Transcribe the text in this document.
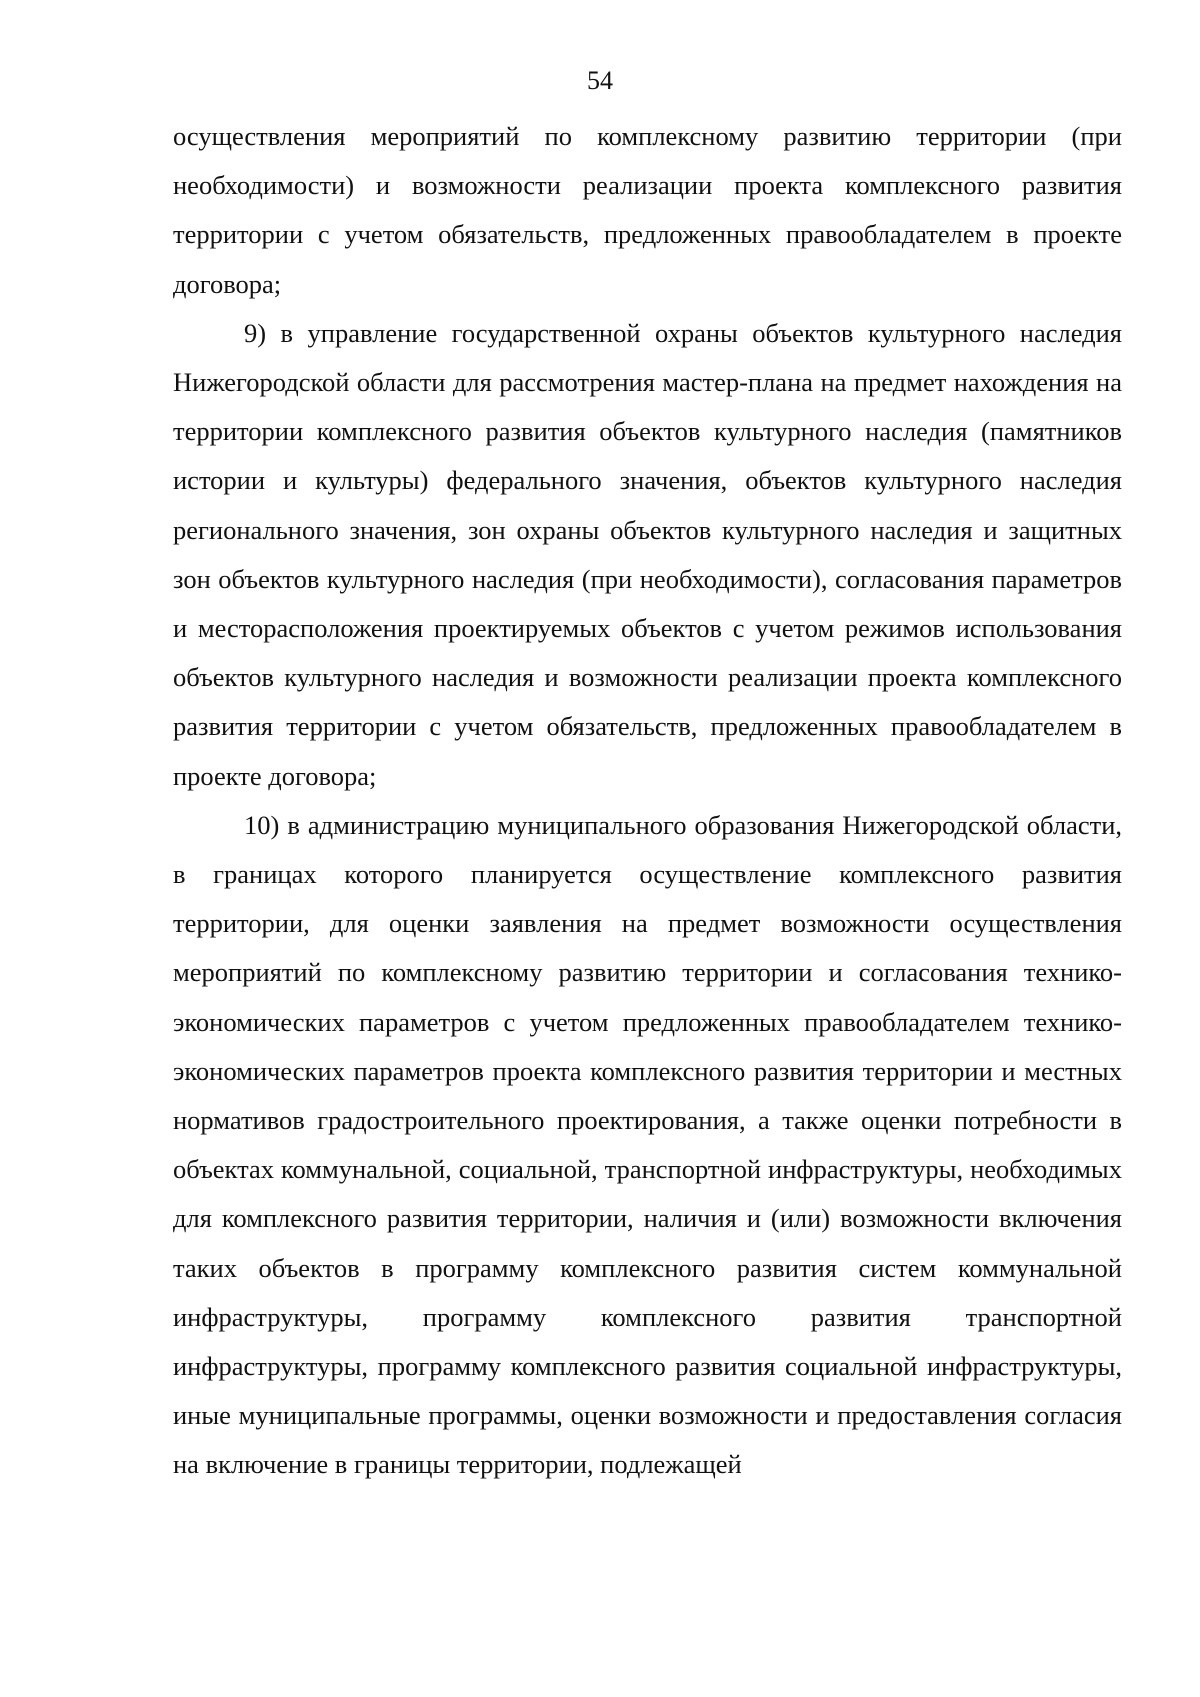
54

осуществления мероприятий по комплексному развитию территории (при необходимости) и возможности реализации проекта комплексного развития территории с учетом обязательств, предложенных правообладателем в проекте договора;

9) в управление государственной охраны объектов культурного наследия Нижегородской области для рассмотрения мастер-плана на предмет нахождения на территории комплексного развития объектов культурного наследия (памятников истории и культуры) федерального значения, объектов культурного наследия регионального значения, зон охраны объектов культурного наследия и защитных зон объектов культурного наследия (при необходимости), согласования параметров и месторасположения проектируемых объектов с учетом режимов использования объектов культурного наследия и возможности реализации проекта комплексного развития территории с учетом обязательств, предложенных правообладателем в проекте договора;

10) в администрацию муниципального образования Нижегородской области, в границах которого планируется осуществление комплексного развития территории, для оценки заявления на предмет возможности осуществления мероприятий по комплексному развитию территории и согласования технико-экономических параметров с учетом предложенных правообладателем технико-экономических параметров проекта комплексного развития территории и местных нормативов градостроительного проектирования, а также оценки потребности в объектах коммунальной, социальной, транспортной инфраструктуры, необходимых для комплексного развития территории, наличия и (или) возможности включения таких объектов в программу комплексного развития систем коммунальной инфраструктуры, программу комплексного развития транспортной инфраструктуры, программу комплексного развития социальной инфраструктуры, иные муниципальные программы, оценки возможности и предоставления согласия на включение в границы территории, подлежащей
